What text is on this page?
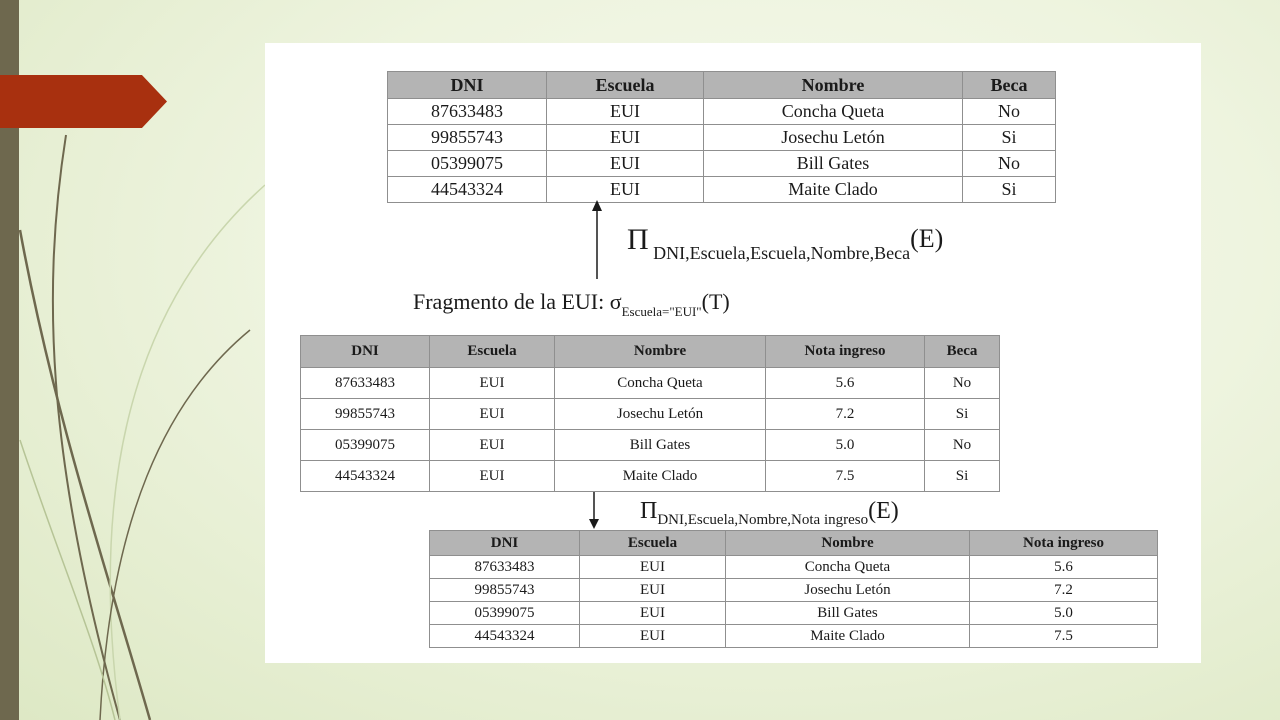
DNI	Escuela	Nombre	Beca
87633483	EUI	Concha Queta	No
99855743	EUI	Josechu Letón	Si
05399075	EUI	Bill Gates	No
44543324	EUI	Maite Clado	Si
Π $_{DNI,Escuela,Escuela,Nombre,Beca}$(E)
Fragmento de la EUI: $\sigma_{Escuela="EUI"}(T)$
DNI	Escuela	Nombre	Nota ingreso	Beca
87633483	EUI	Concha Queta	5.6	No
99855743	EUI	Josechu Letón	7.2	Si
05399075	EUI	Bill Gates	5.0	No
44543324	EUI	Maite Clado	7.5	Si
$\Pi_{DNI,Escuela,Nombre,Nota ingreso}(E)$
DNI	Escuela	Nombre	Nota ingreso
87633483	EUI	Concha Queta	5.6
99855743	EUI	Josechu Letón	7.2
05399075	EUI	Bill Gates	5.0
44543324	EUI	Maite Clado	7.5
